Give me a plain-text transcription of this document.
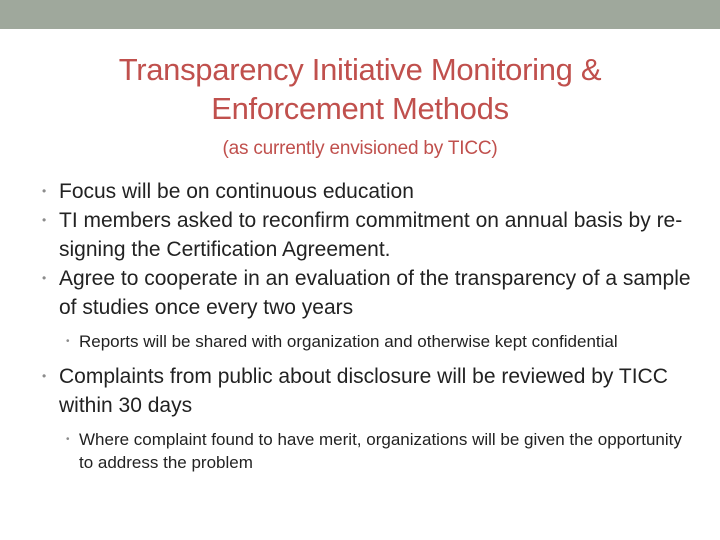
Transparency Initiative Monitoring &
Enforcement Methods
(as currently envisioned by TICC)
• Focus will be on continuous education
• TI members asked to reconfirm commitment on annual basis by re-signing the Certification Agreement.
• Agree to cooperate in an evaluation of the transparency of a sample of studies once every two years
• Reports will be shared with organization and otherwise kept confidential
• Complaints from public about disclosure will be reviewed by TICC within 30 days
• Where complaint found to have merit, organizations will be given the opportunity to address the problem
